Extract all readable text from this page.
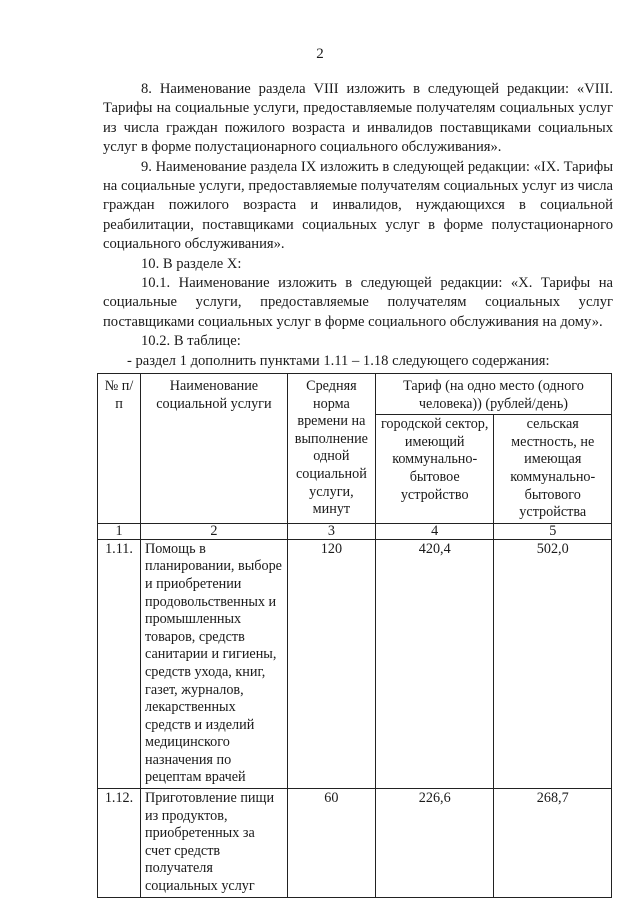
2

8. Наименование раздела VIII изложить в следующей редакции: «VIII. Тарифы на социальные услуги, предоставляемые получателям социальных услуг из числа граждан пожилого возраста и инвалидов поставщиками социальных услуг в форме полустационарного социального обслуживания».

9. Наименование раздела IX изложить в следующей редакции: «IX. Тарифы на социальные услуги, предоставляемые получателям социальных услуг из числа граждан пожилого возраста и инвалидов, нуждающихся в социальной реабилитации, поставщиками социальных услуг в форме полустационарного социального обслуживания».

10. В разделе X:

10.1. Наименование изложить в следующей редакции: «X. Тарифы на социальные услуги, предоставляемые получателям социальных услуг поставщиками социальных услуг в форме социального обслуживания на дому».

10.2. В таблице:

- раздел 1 дополнить пунктами 1.11 – 1.18 следующего содержания:

№ п/п	Наименование социальной услуги	Средняя норма времени на выполнение одной социальной услуги, минут	Тариф (на одно место (одного человека)) (рублей/день)	
			городской сектор, имеющий коммунально-бытовое устройство	сельская местность, не имеющая коммунально-бытового устройства
1	2	3	4	5
1.11.	Помощь в планировании, выборе и приобретении продовольственных и промышленных товаров, средств санитарии и гигиены, средств ухода, книг, газет, журналов, лекарственных средств и изделий медицинского назначения по рецептам врачей	120	420,4	502,0
1.12.	Приготовление пищи из продуктов, приобретенных за счет средств получателя социальных услуг	60	226,6	268,7
